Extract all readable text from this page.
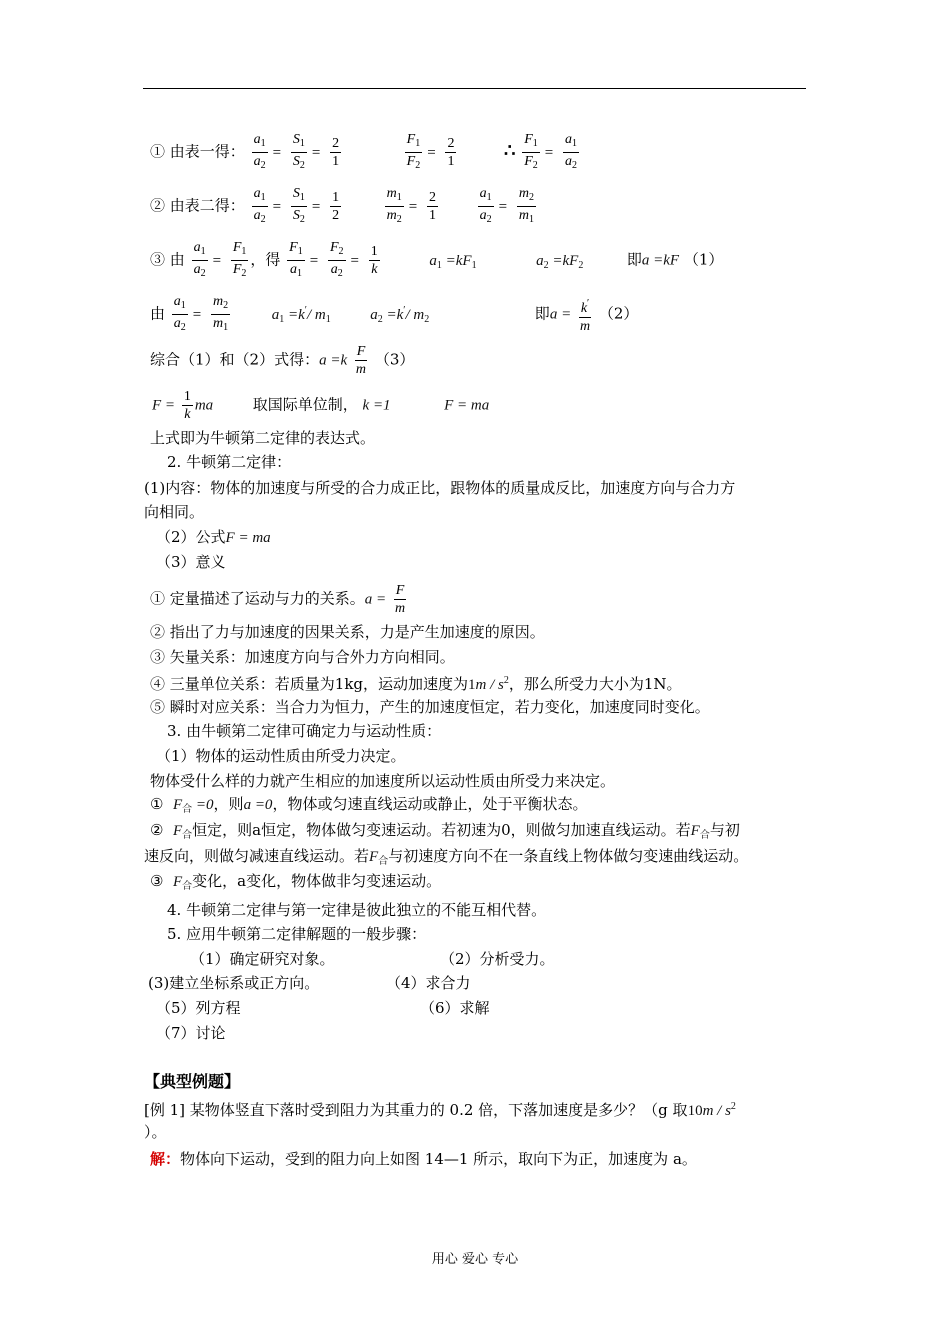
① 由表一得： $\frac{a_1}{a_2} = \frac{S_1}{S_2} = \frac{2}{1}$
	$\frac{F_1}{F_2} = \frac{2}{1}$	∴ $\frac{F_1}{F_2} = \frac{a_1}{a_2}$
② 由表二得： $\frac{a_1}{a_2} = \frac{S_1}{S_2} = \frac{1}{2}$
	$\frac{m_1}{m_2} = \frac{2}{1}$
	$\frac{a_1}{a_2} = \frac{m_2}{m_1}$
③ 由 $\frac{a_1}{a_2} = \frac{F_1}{F_2}$ ，得 $\frac{F_1}{a_1} = \frac{F_2}{a_2} = \frac{1}{k}$	$a_1 =kF_1$	$a_2 =kF_2$	即a =kF （1）
由 $\frac{a_1}{a_2} = \frac{m_2}{m_1}$	$a_1 =k'/$ $m_1$	$a_2 =k'/$ $m_2$	即$a = \frac{k'}{m} (2)$
综合（1）和（2）式得：$a =k \frac{F}{m} (3)$
$F = \frac{1}{k}$ ma	取国际单位制， k =1	F = ma
上式即为牛顿第二定律的表达式。
2. 牛顿第二定律：
(1)内容：物体的加速度与所受的合力成正比，跟物体的质量成反比，加速度方向与合力方
向相同。
（2）公式F = ma
（3）意义
① 定量描述了运动与力的关系。$a = \frac{F}{m}$
② 指出了力与加速度的因果关系，力是产生加速度的原因。
③ 矢量关系：加速度方向与合外力方向相同。
④ 三量单位关系：若质量为1kg，运动加速度为$1m / s^2$，那么所受力大小为1N。
⑤ 瞬时对应关系：当合力为恒力，产生的加速度恒定，若力变化，加速度同时变化。
3. 由牛顿第二定律可确定力与运动性质：
（1）物体的运动性质由所受力决定。
物体受什么样的力就产生相应的加速度所以运动性质由所受力来决定。
① $F_合 =0$，则a =0，物体或匀速直线运动或静止，处于平衡状态。
② $F_合$恒定，则a恒定，物体做匀变速运动。若初速为0，则做匀加速直线运动。若$F_合$与初
速反向，则做匀减速直线运动。若$F_合$与初速度方向不在一条直线上物体做匀变速曲线运动。
③ $F_合$变化，a变化，物体做非匀变速运动。
4. 牛顿第二定律与第一定律是彼此独立的不能互相代替。
5. 应用牛顿第二定律解题的一般步骤：
（1）确定研究对象。	（2）分析受力。
(3)建立坐标系或正方向。	（4）求合力
（5）列方程	（6）求解
（7）讨论
【典型例题】
[例 1] 某物体竖直下落时受到阻力为其重力的 0.2 倍，下落加速度是多少？（g 取$10m / s^2$
）。
解：物体向下运动，受到的阻力向上如图 14—1 所示，取向下为正，加速度为 a。
用心 爱心 专心
